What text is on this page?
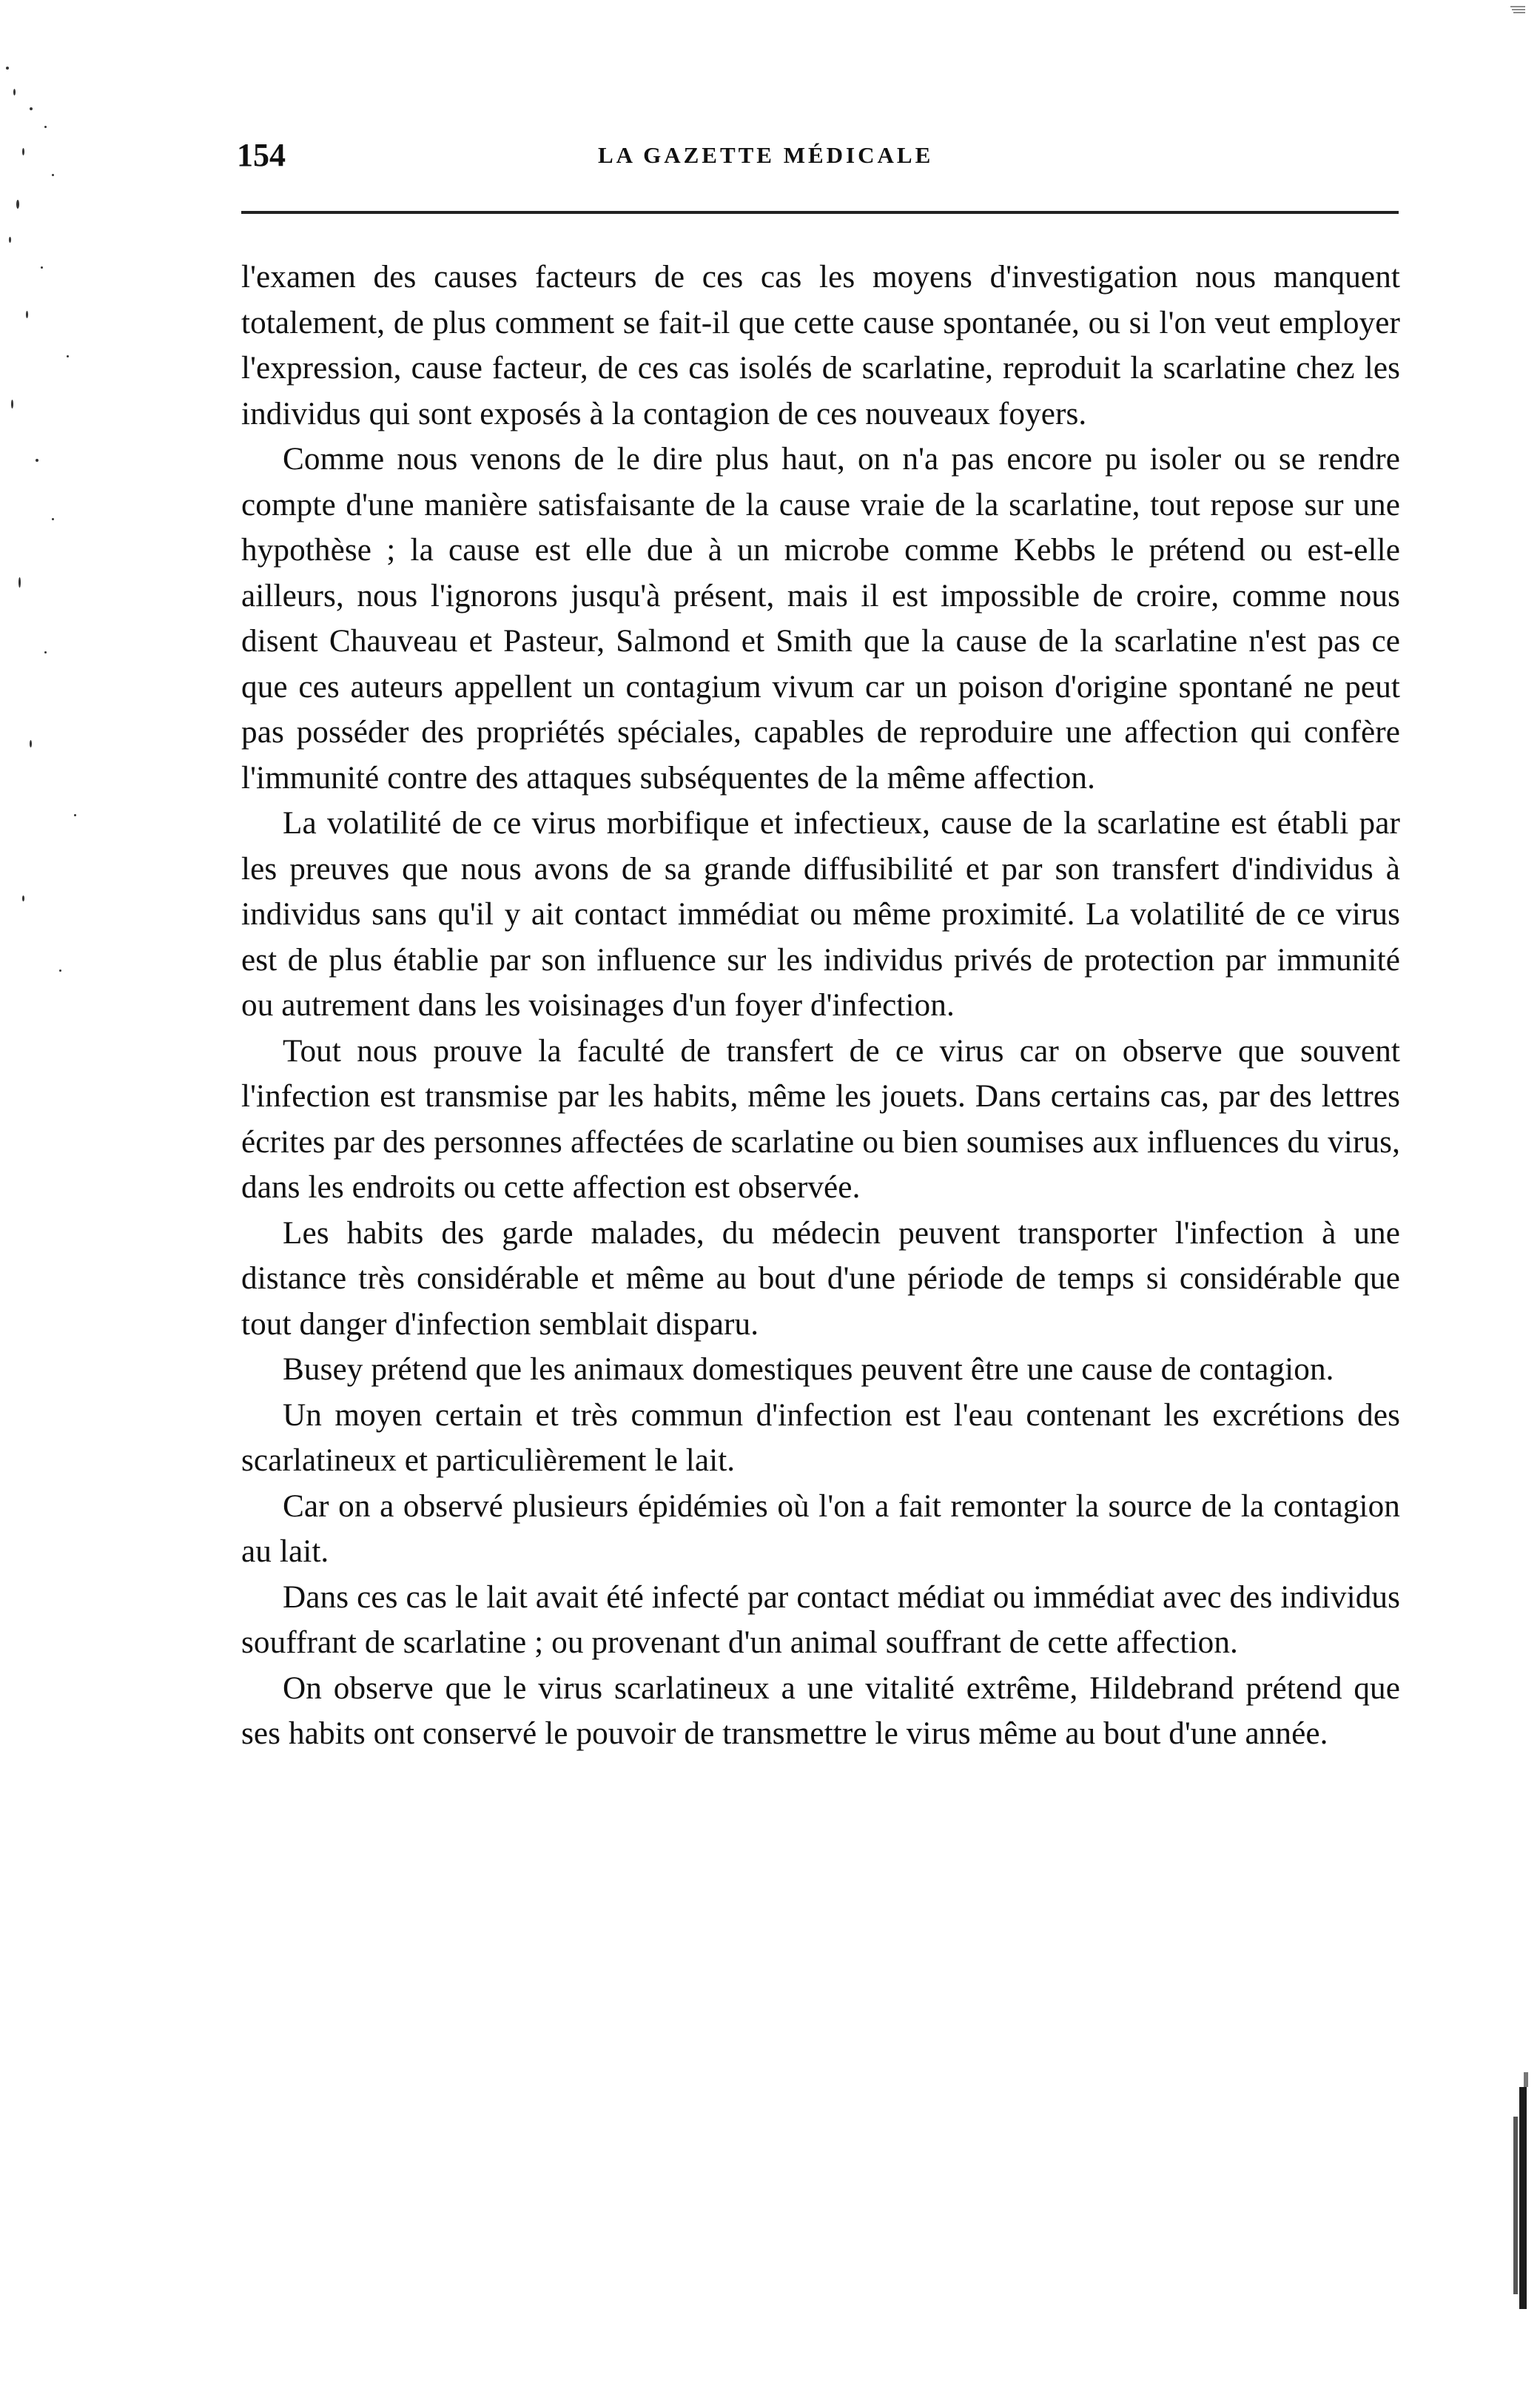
154	LA GAZETTE MÉDICALE

l'examen des causes facteurs de ces cas les moyens d'investigation nous manquent totalement, de plus comment se fait-il que cette cause spontanée, ou si l'on veut employer l'expression, cause facteur, de ces cas isolés de scarlatine, reproduit la scarlatine chez les individus qui sont exposés à la contagion de ces nouveaux foyers.

Comme nous venons de le dire plus haut, on n'a pas encore pu isoler ou se rendre compte d'une manière satisfaisante de la cause vraie de la scarlatine, tout repose sur une hypothèse ; la cause est elle due à un microbe comme Kebbs le prétend ou est-elle ailleurs, nous l'ignorons jusqu'à présent, mais il est impossible de croire, comme nous disent Chauveau et Pasteur, Salmond et Smith que la cause de la scarlatine n'est pas ce que ces auteurs appellent un contagium vivum car un poison d'origine spontané ne peut pas posséder des propriétés spéciales, capables de reproduire une affection qui confère l'immunité contre des attaques subséquentes de la même affection.

La volatilité de ce virus morbifique et infectieux, cause de la scarlatine est établi par les preuves que nous avons de sa grande diffusibilité et par son transfert d'individus à individus sans qu'il y ait contact immédiat ou même proximité. La volatilité de ce virus est de plus établie par son influence sur les individus privés de protection par immunité ou autrement dans les voisinages d'un foyer d'infection.

Tout nous prouve la faculté de transfert de ce virus car on observe que souvent l'infection est transmise par les habits, même les jouets. Dans certains cas, par des lettres écrites par des personnes affectées de scarlatine ou bien soumises aux influences du virus, dans les endroits ou cette affection est observée.

Les habits des garde malades, du médecin peuvent transporter l'infection à une distance très considérable et même au bout d'une période de temps si considérable que tout danger d'infection semblait disparu.

Busey prétend que les animaux domestiques peuvent être une cause de contagion.

Un moyen certain et très commun d'infection est l'eau contenant les excrétions des scarlatineux et particulièrement le lait.

Car on a observé plusieurs épidémies où l'on a fait remonter la source de la contagion au lait.

Dans ces cas le lait avait été infecté par contact médiat ou immédiat avec des individus souffrant de scarlatine ; ou provenant d'un animal souffrant de cette affection.

On observe que le virus scarlatineux a une vitalité extrême, Hildebrand prétend que ses habits ont conservé le pouvoir de transmettre le virus même au bout d'une année.
